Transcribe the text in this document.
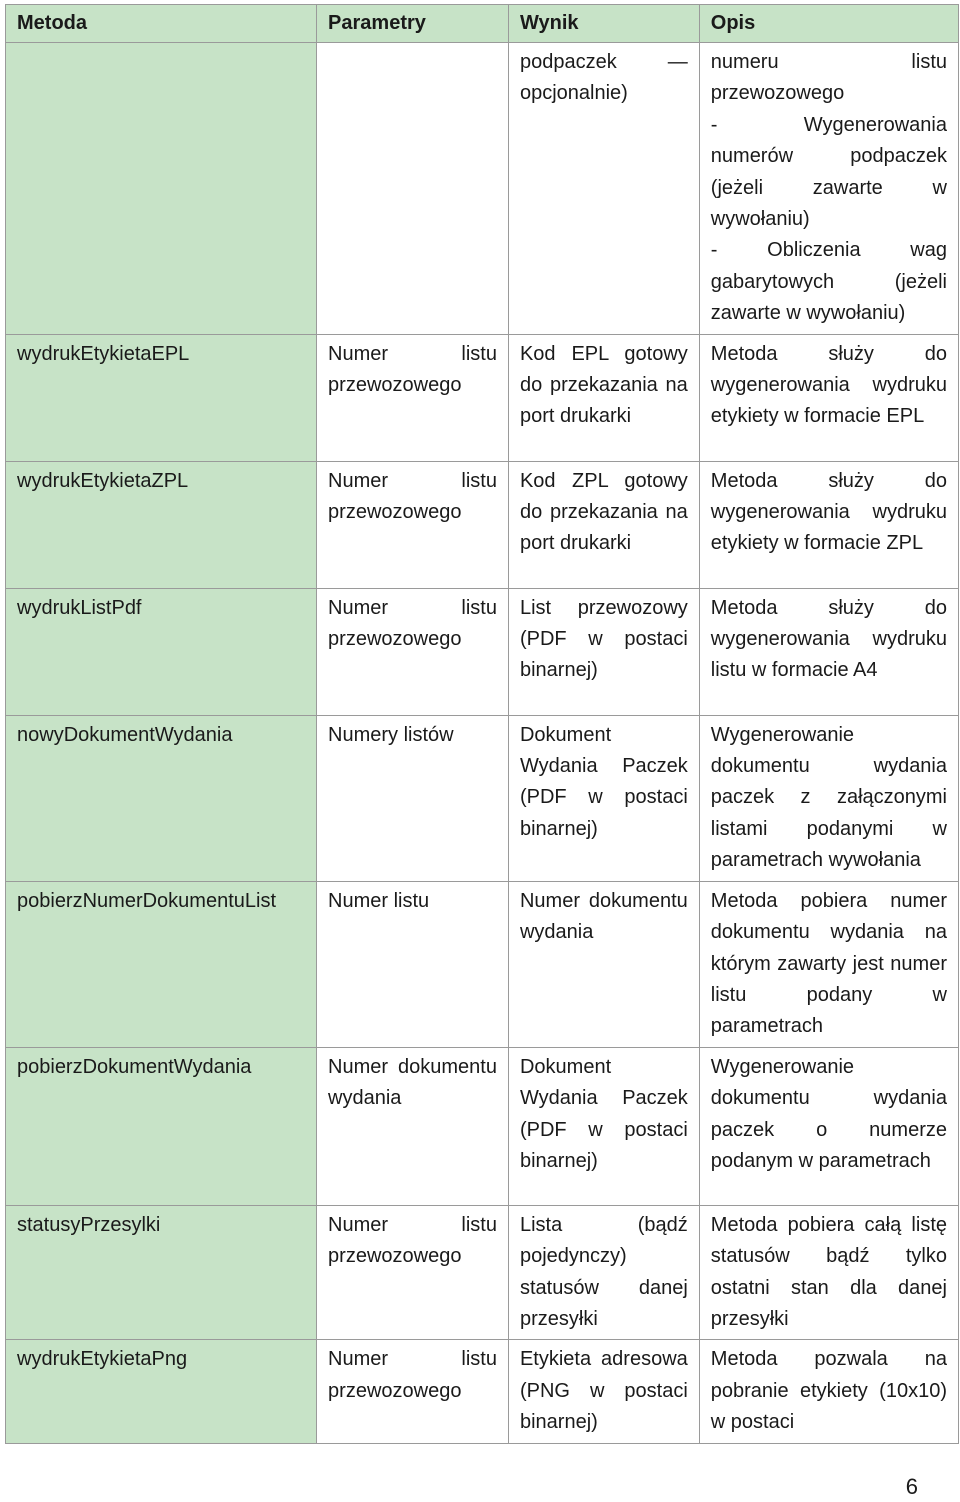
Metoda	Parametry	Wynik	Opis

		podpaczek — opcjonalnie)	numeru listu przewozowego
- Wygenerowania numerów podpaczek (jeżeli zawarte w wywołaniu)
- Obliczenia wag gabarytowych (jeżeli zawarte w wywołaniu)

wydrukEtykietaEPL	Numer listu przewozowego	Kod EPL gotowy do przekazania na port drukarki	Metoda służy do wygenerowania wydruku etykiety w formacie EPL

wydrukEtykietaZPL	Numer listu przewozowego	Kod ZPL gotowy do przekazania na port drukarki	Metoda służy do wygenerowania wydruku etykiety w formacie ZPL

wydrukListPdf	Numer listu przewozowego	List przewozowy (PDF w postaci binarnej)	Metoda służy do wygenerowania wydruku listu w formacie A4

nowyDokumentWydania	Numery listów	Dokument Wydania Paczek (PDF w postaci binarnej)	Wygenerowanie dokumentu wydania paczek z załączonymi listami podanymi w parametrach wywołania

pobierzNumerDokumentuList	Numer listu	Numer dokumentu wydania	Metoda pobiera numer dokumentu wydania na którym zawarty jest numer listu podany w parametrach

pobierzDokumentWydania	Numer dokumentu wydania	Dokument Wydania Paczek (PDF w postaci binarnej)	Wygenerowanie dokumentu wydania paczek o numerze podanym w parametrach

statusyPrzesylki	Numer listu przewozowego	Lista (bądź pojedynczy) statusów danej przesyłki	Metoda pobiera całą listę statusów bądź tylko ostatni stan dla danej przesyłki

wydrukEtykietaPng	Numer listu przewozowego	Etykieta adresowa (PNG w postaci binarnej)	Metoda pozwala na pobranie etykiety (10x10) w postaci
6
